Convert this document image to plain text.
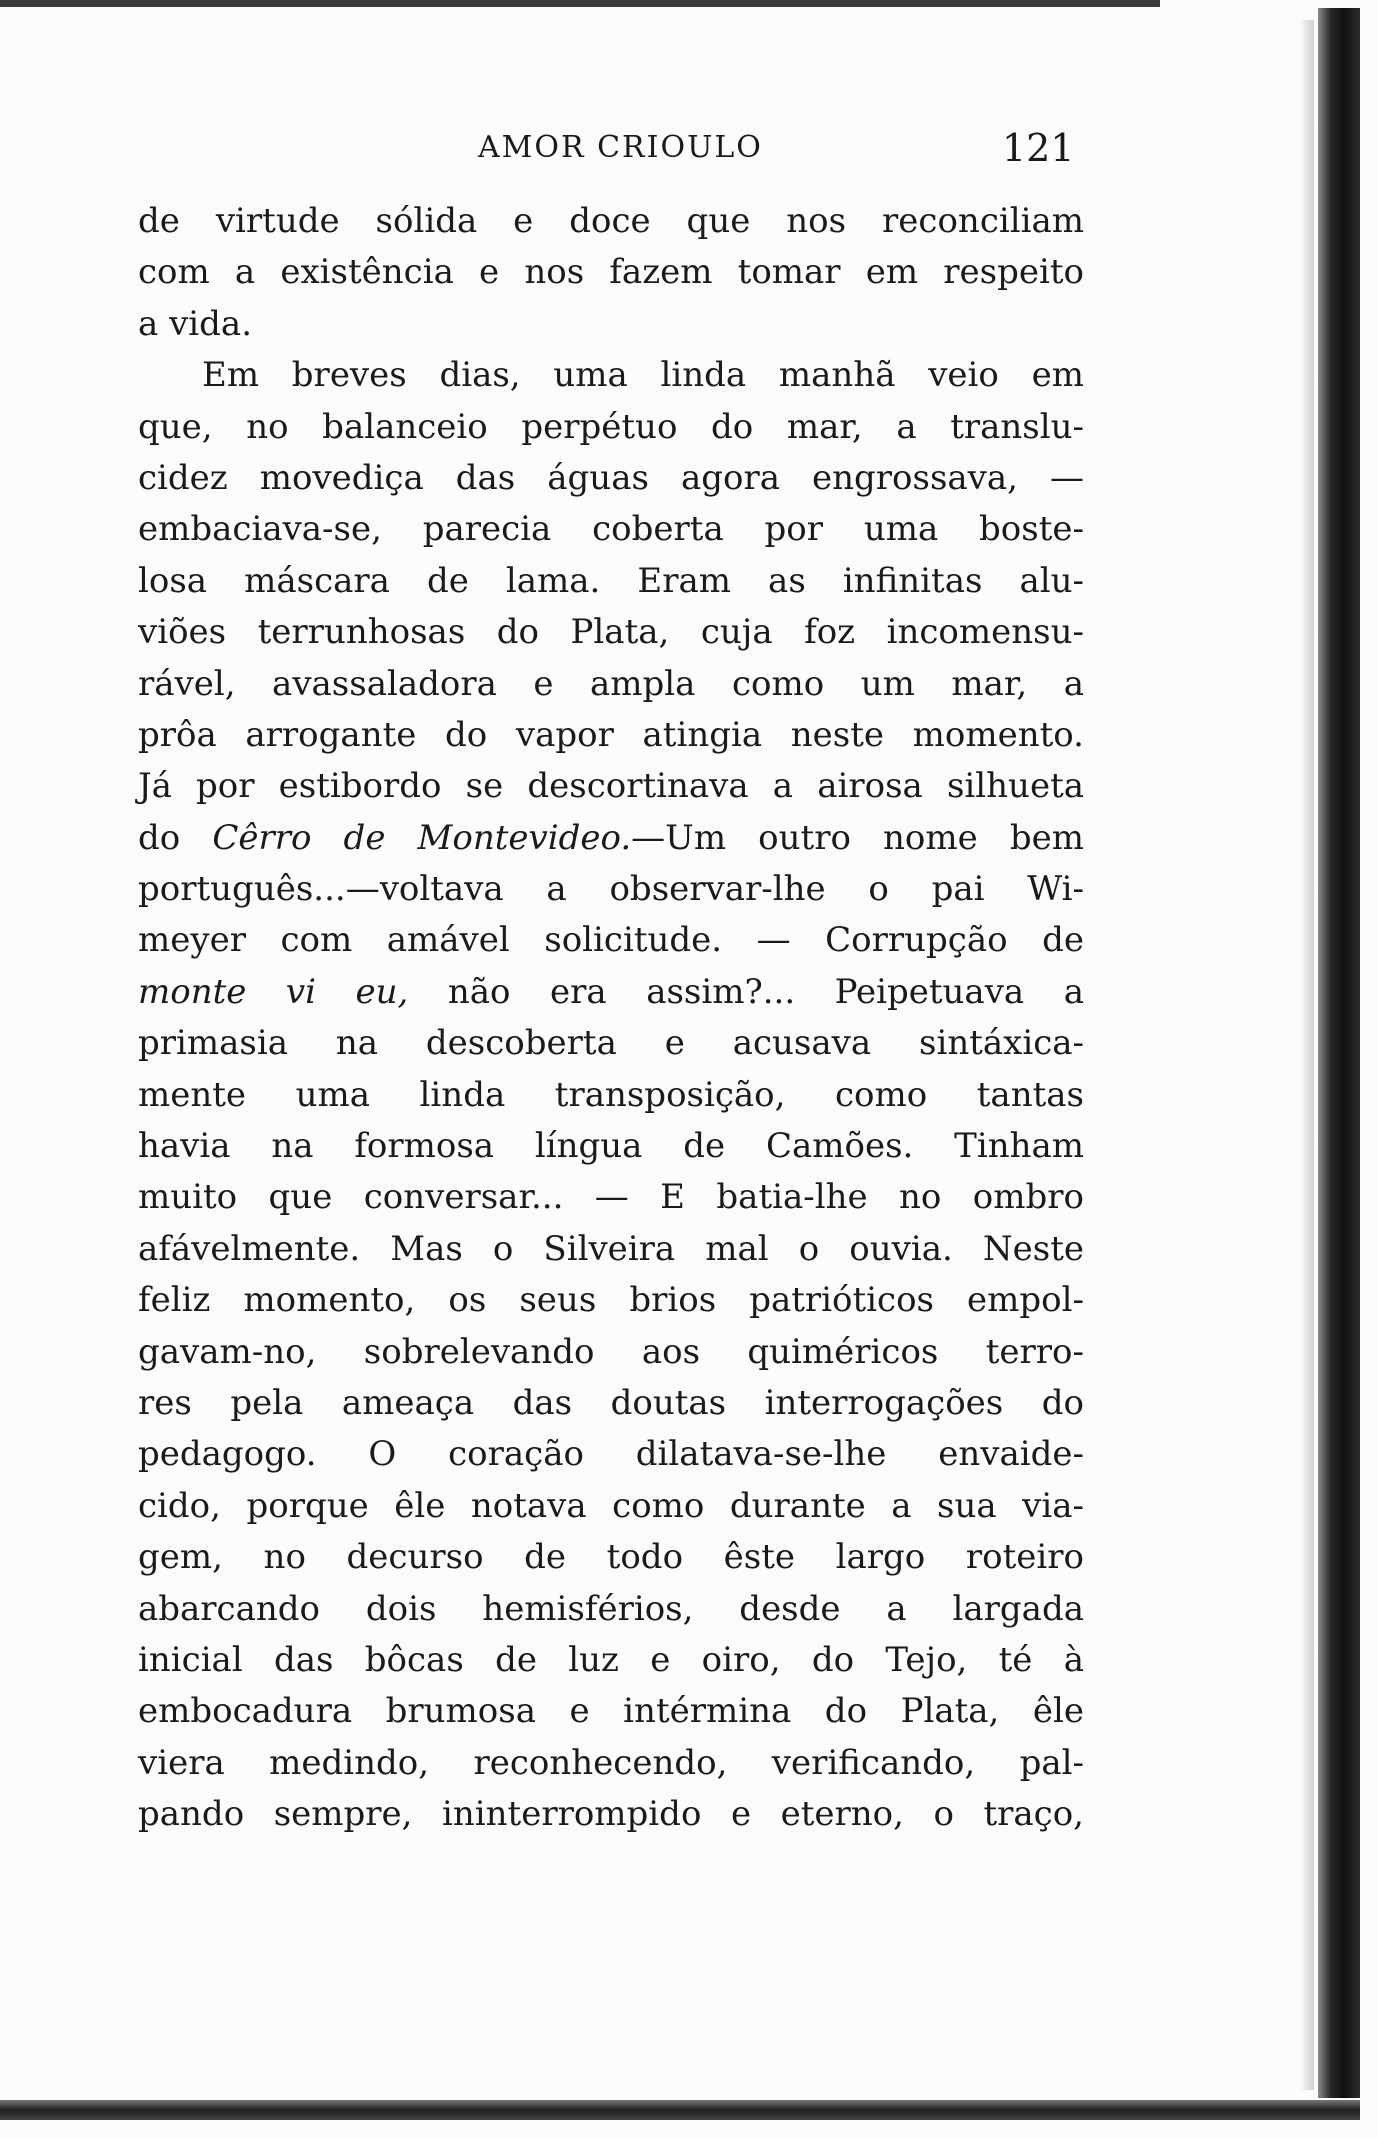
AMOR CRIOULO	121
de virtude sólida e doce que nos reconciliam
com a existência e nos fazem tomar em respeito
a vida.
Em breves dias, uma linda manhã veio em
que, no balanceio perpétuo do mar, a translu-
cidez movediça das águas agora engrossava, —
embaciava-se, parecia coberta por uma boste-
losa máscara de lama. Eram as infinitas alu-
viões terrunhosas do Plata, cuja foz incomensu-
rável, avassaladora e ampla como um mar, a
prôa arrogante do vapor atingia neste momento.
Já por estibordo se descortinava a airosa silhueta
do Cêrro de Montevideo.—Um outro nome bem
português...—voltava a observar-lhe o pai Wi-
meyer com amável solicitude. — Corrupção de
monte vi eu, não era assim?... Peipetuava a
primasia na descoberta e acusava sintáxica-
mente uma linda transposição, como tantas
havia na formosa língua de Camões. Tinham
muito que conversar... — E batia-lhe no ombro
afávelmente. Mas o Silveira mal o ouvia. Neste
feliz momento, os seus brios patrióticos empol-
gavam-no, sobrelevando aos quiméricos terro-
res pela ameaça das doutas interrogações do
pedagogo. O coração dilatava-se-lhe envaide-
cido, porque êle notava como durante a sua via-
gem, no decurso de todo êste largo roteiro
abarcando dois hemisférios, desde a largada
inicial das bôcas de luz e oiro, do Tejo, té à
embocadura brumosa e intérmina do Plata, êle
viera medindo, reconhecendo, verificando, pal-
pando sempre, ininterrompido e eterno, o traço,
